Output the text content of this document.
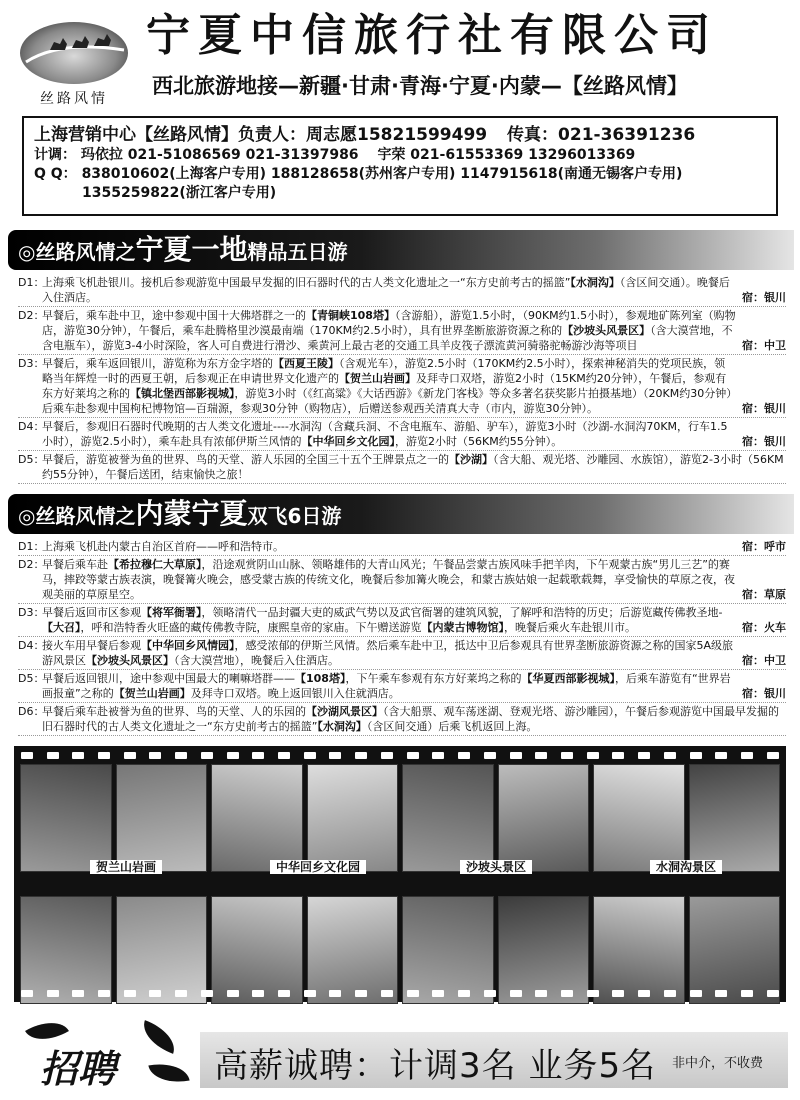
丝路风情
宁夏中信旅行社有限公司
西北旅游地接—新疆·甘肃·青海·宁夏·内蒙—【丝路风情】
上海营销中心【丝路风情】负责人：周志愿15821599499 传真：021-36391236
计调： 玛依拉 021-51086569 021-31397986 宇荣 021-61553369 13296013369
Q Q： 838010602(上海客户专用) 188128658(苏州客户专用) 1147915618(南通无锡客户专用)
1355259822(浙江客户专用)
◎丝路风情之宁夏一地精品五日游
D1：
上海乘飞机赴银川。接机后参观游览中国最早发掘的旧石器时代的古人类文化遗址之一“东方史前考古的摇篮”【水洞沟】（含区间交通）。晚餐后入住酒店。	宿：银川
D2：
早餐后，乘车赴中卫，途中参观中国十大佛塔群之一的【青铜峡108塔】（含游船），游览1.5小时，（90KM约1.5小时），参观地矿陈列室（购物店，游览30分钟），午餐后，乘车赴腾格里沙漠最南端（170KM约2.5小时），具有世界垄断旅游资源之称的【沙坡头风景区】（含大漠营地，不含电瓶车），游览3-4小时深险，客人可自费进行滑沙、乘黄河上最古老的交通工具羊皮筏子漂流黄河骑骆驼畅游沙海等项目	宿：中卫
D3：
早餐后，乘车返回银川，游览称为东方金字塔的【西夏王陵】（含观光车），游览2.5小时（170KM约2.5小时），探索神秘消失的党项民族，领略当年辉煌一时的西夏王朝，后参观正在申请世界文化遗产的【贺兰山岩画】及拜寺口双塔，游览2小时（15KM约20分钟），午餐后，参观有东方好莱坞之称的【镇北堡西部影视城】，游览3小时（《红高粱》《大话西游》《新龙门客栈》等众多著名获奖影片拍摄基地）（20KM约30分钟）后乘车赴参观中国枸杞博物馆—百瑞源，参观30分钟（购物店），后赠送参观西关清真大寺（市内，游览30分钟）。	宿：银川
D4：
早餐后，参观旧石器时代晚期的古人类文化遗址----水洞沟（含藏兵洞、不含电瓶车、游船、驴车），游览3小时（沙湖-水洞沟70KM，行车1.5小时），游览2.5小时），乘车赴具有浓郁伊斯兰风情的【中华回乡文化园】，游览2小时（56KM约55分钟）。	宿：银川
D5：
早餐后，游览被誉为鱼的世界、鸟的天堂、游人乐园的全国三十五个王牌景点之一的【沙湖】（含大船、观光塔、沙雕园、水族馆），游览2-3小时（56KM约55分钟），午餐后送团，结束愉快之旅！
◎丝路风情之内蒙宁夏双飞6日游
D1：
上海乘飞机赴内蒙古自治区首府——呼和浩特市。	宿：呼市
D2：
早餐后乘车赴【希拉穆仁大草原】，沿途观赏阴山山脉、领略雄伟的大青山风光；午餐品尝蒙古族风味手把羊肉，下午观蒙古族“男儿三艺”的赛马，摔跤等蒙古族表演，晚餐篝火晚会，感受蒙古族的传统文化，晚餐后参加篝火晚会，和蒙古族姑娘一起载歌载舞，享受愉快的草原之夜，夜观美丽的草原星空。	宿：草原
D3：
早餐后返回市区参观【将军衙署】，领略清代一品封疆大吏的威武气势以及武官衙署的建筑风貌，了解呼和浩特的历史；后游览藏传佛教圣地-【大召】，呼和浩特香火旺盛的藏传佛教寺院，康熙皇帝的家庙。下午赠送游览【内蒙古博物馆】，晚餐后乘火车赴银川市。	宿：火车
D4：
接火车用早餐后参观【中华回乡风情园】，感受浓郁的伊斯兰风情。然后乘车赴中卫，抵达中卫后参观具有世界垄断旅游资源之称的国家5A级旅游风景区【沙坡头风景区】（含大漠营地），晚餐后入住酒店。	宿：中卫
D5：
早餐后返回银川，途中参观中国最大的喇嘛塔群——【108塔】，下午乘车参观有东方好莱坞之称的【华夏西部影视城】，后乘车游览有“世界岩画报童”之称的【贺兰山岩画】及拜寺口双塔。晚上返回银川入住就酒店。	宿：银川
D6：
早餐后乘车赴被誉为鱼的世界、鸟的天堂、人的乐园的【沙湖风景区】（含大船票、观车荡迷湖、登观光塔、游沙雕园），午餐后参观游览中国最早发掘的旧石器时代的古人类文化遗址之一“东方史前考古的摇篮”【水洞沟】（含区间交通）后乘飞机返回上海。
贺兰山岩画	中华回乡文化园	沙坡头景区	水洞沟景区
招聘	高薪诚聘：计调3名 业务5名 非中介，不收费
